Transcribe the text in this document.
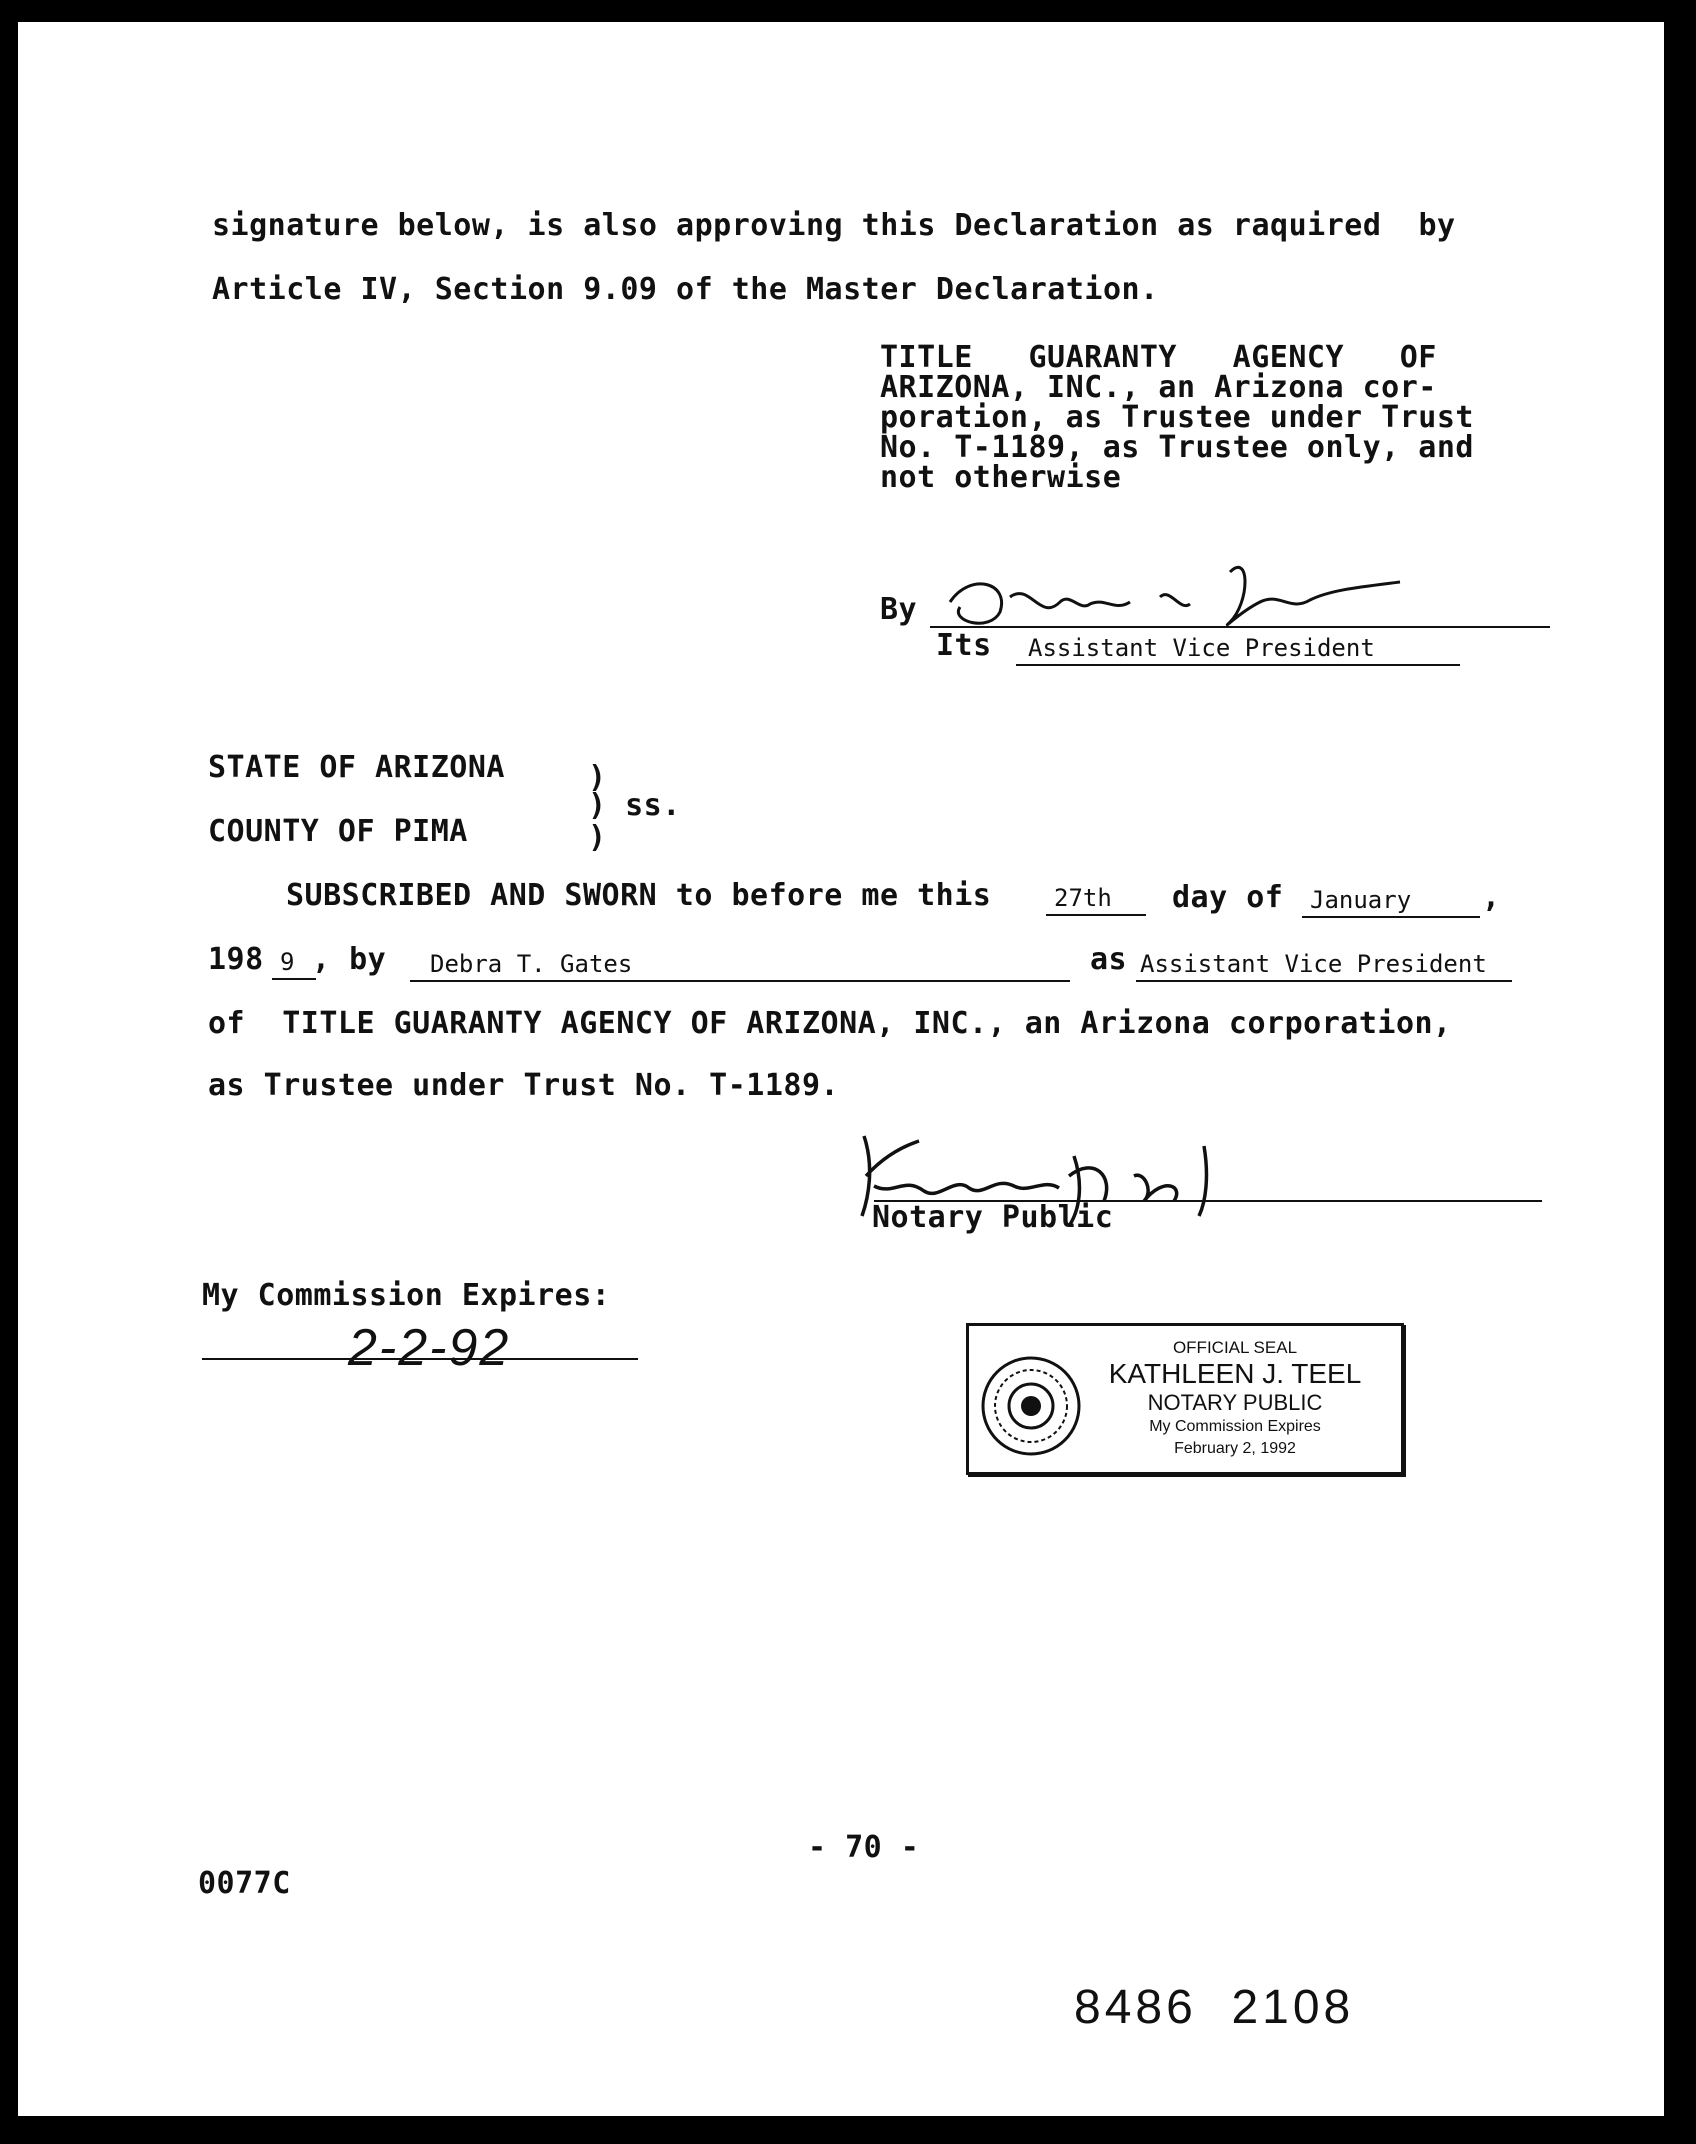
signature below, is also approving this Declaration as raquired  by
Article IV, Section 9.09 of the Master Declaration.
TITLE   GUARANTY   AGENCY   OF
ARIZONA, INC., an Arizona cor-
poration, as Trustee under Trust
No. T-1189, as Trustee only, and
not otherwise
By
Its Assistant Vice President
STATE OF ARIZONA	)
) ss.
COUNTY OF PIMA	)
SUBSCRIBED AND SWORN to before me this	27th day of January ,
198 9 , by Debra T. Gates	as Assistant Vice President
of  TITLE GUARANTY AGENCY OF ARIZONA, INC., an Arizona corporation,
as Trustee under Trust No. T-1189.
Notary Public
My Commission Expires:
2-2-92	OFFICIAL SEAL
KATHLEEN J. TEEL
NOTARY PUBLIC
My Commission Expires
February 2, 1992
- 70 -
0077C
8486  2108
